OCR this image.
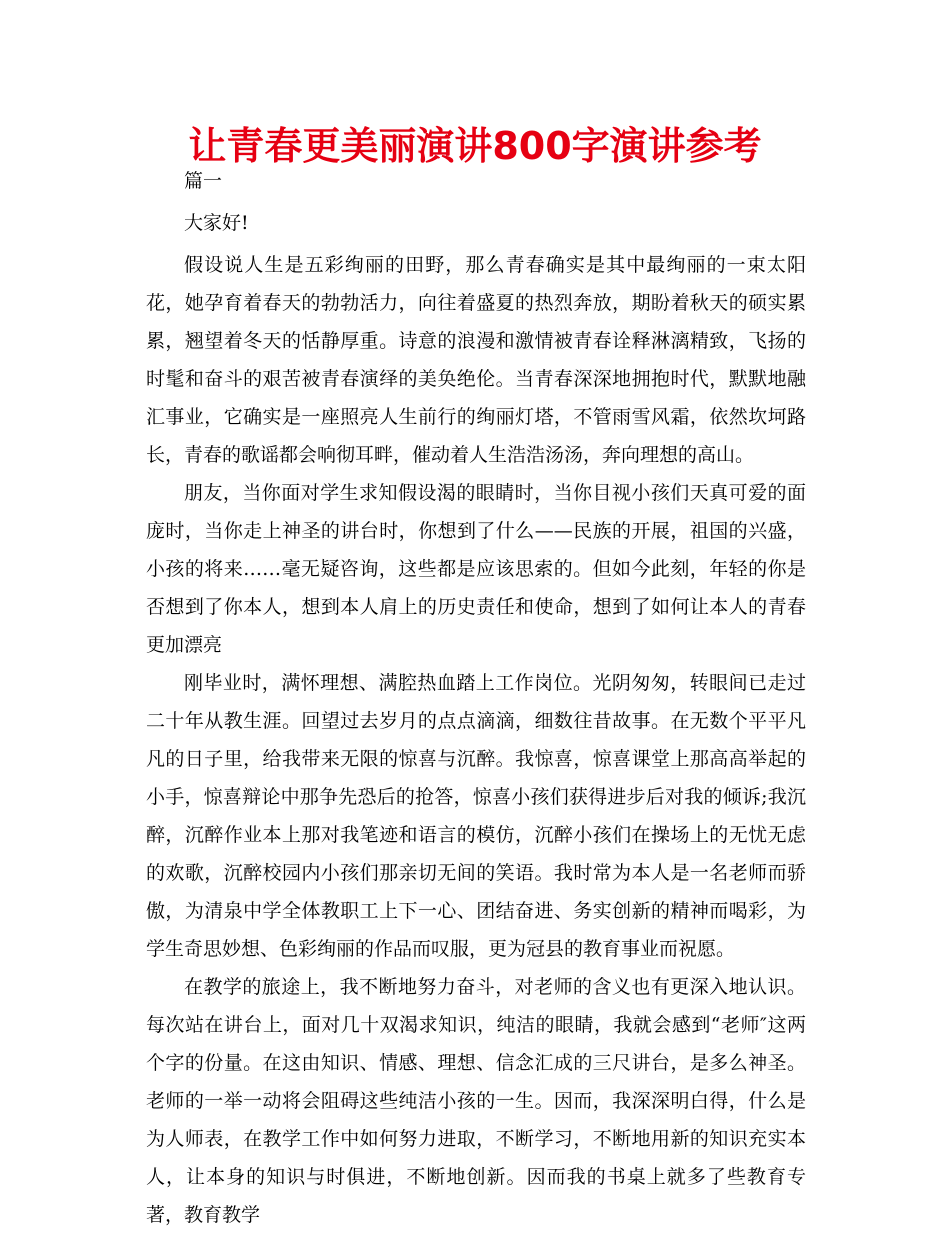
让青春更美丽演讲800字演讲参考

篇一

大家好!

假设说人生是五彩绚丽的田野，那么青春确实是其中最绚丽的一束太阳花，她孕育着春天的勃勃活力，向往着盛夏的热烈奔放，期盼着秋天的硕实累累，翘望着冬天的恬静厚重。诗意的浪漫和激情被青春诠释淋漓精致，飞扬的时髦和奋斗的艰苦被青春演绎的美奂绝伦。当青春深深地拥抱时代，默默地融汇事业，它确实是一座照亮人生前行的绚丽灯塔，不管雨雪风霜，依然坎坷路长，青春的歌谣都会响彻耳畔，催动着人生浩浩汤汤，奔向理想的高山。

朋友，当你面对学生求知假设渴的眼睛时，当你目视小孩们天真可爱的面庞时，当你走上神圣的讲台时，你想到了什么——民族的开展，祖国的兴盛，小孩的将来……毫无疑咨询，这些都是应该思索的。但如今此刻，年轻的你是否想到了你本人，想到本人肩上的历史责任和使命，想到了如何让本人的青春更加漂亮

刚毕业时，满怀理想、满腔热血踏上工作岗位。光阴匆匆，转眼间已走过二十年从教生涯。回望过去岁月的点点滴滴，细数往昔故事。在无数个平平凡凡的日子里，给我带来无限的惊喜与沉醉。我惊喜，惊喜课堂上那高高举起的小手，惊喜辩论中那争先恐后的抢答，惊喜小孩们获得进步后对我的倾诉;我沉醉，沉醉作业本上那对我笔迹和语言的模仿，沉醉小孩们在操场上的无忧无虑的欢歌，沉醉校园内小孩们那亲切无间的笑语。我时常为本人是一名老师而骄傲，为清泉中学全体教职工上下一心、团结奋进、务实创新的精神而喝彩，为学生奇思妙想、色彩绚丽的作品而叹服，更为冠县的教育事业而祝愿。

在教学的旅途上，我不断地努力奋斗，对老师的含义也有更深入地认识。每次站在讲台上，面对几十双渴求知识，纯洁的眼睛，我就会感到“老师″这两个字的份量。在这由知识、情感、理想、信念汇成的三尺讲台，是多么神圣。老师的一举一动将会阻碍这些纯洁小孩的一生。因而，我深深明白得，什么是为人师表，在教学工作中如何努力进取，不断学习，不断地用新的知识充实本人，让本身的知识与时俱进，不断地创新。因而我的书桌上就多了些教育专著，教育教学
